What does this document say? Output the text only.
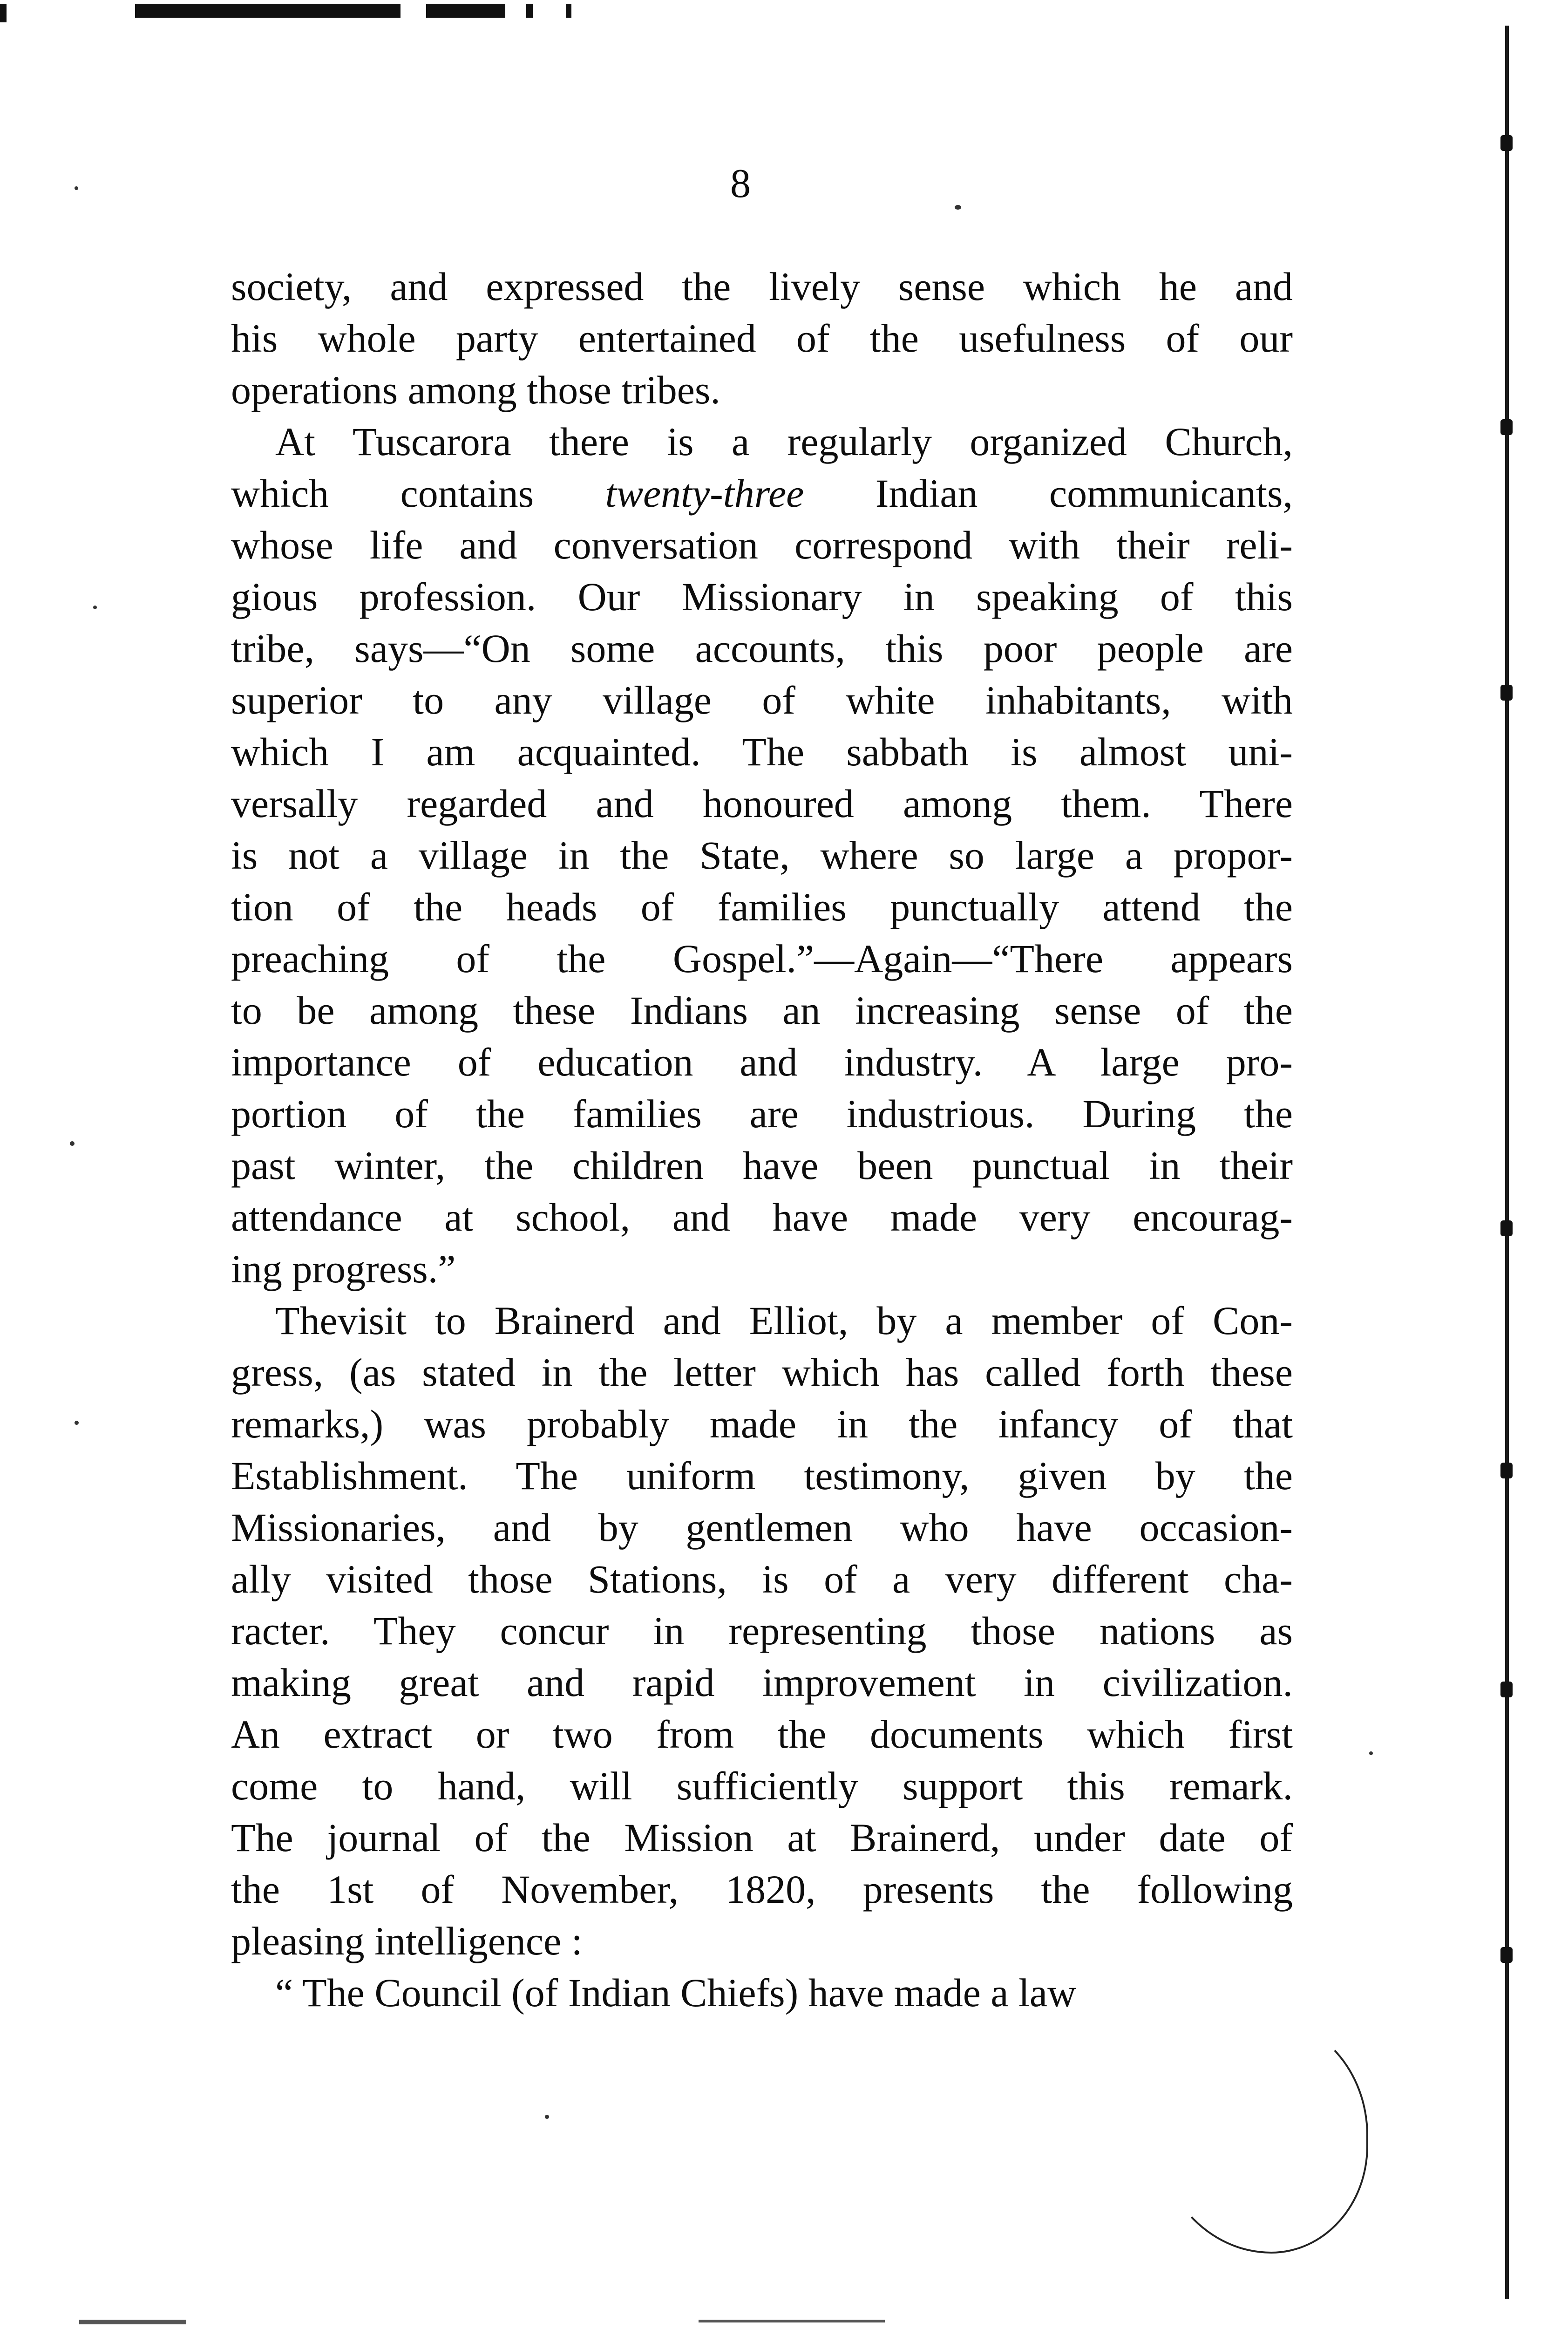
8
society, and expressed the lively sense which he and
his whole party entertained of the usefulness of our
operations among those tribes.
At Tuscarora there is a regularly organized Church,
which contains twenty-three Indian communicants,
whose life and conversation correspond with their reli-
gious profession. Our Missionary in speaking of this
tribe, says—“On some accounts, this poor people are
superior to any village of white inhabitants, with
which I am acquainted. The sabbath is almost uni-
versally regarded and honoured among them. There
is not a village in the State, where so large a propor-
tion of the heads of families punctually attend the
preaching of the Gospel.”—Again—“There appears
to be among these Indians an increasing sense of the
importance of education and industry. A large pro-
portion of the families are industrious. During the
past winter, the children have been punctual in their
attendance at school, and have made very encourag-
ing progress.”
Thevisit to Brainerd and Elliot, by a member of Con-
gress, (as stated in the letter which has called forth these
remarks,) was probably made in the infancy of that
Establishment. The uniform testimony, given by the
Missionaries, and by gentlemen who have occasion-
ally visited those Stations, is of a very different cha-
racter. They concur in representing those nations as
making great and rapid improvement in civilization.
An extract or two from the documents which first
come to hand, will sufficiently support this remark.
The journal of the Mission at Brainerd, under date of
the 1st of November, 1820, presents the following
pleasing intelligence :
“ The Council (of Indian Chiefs) have made a law
